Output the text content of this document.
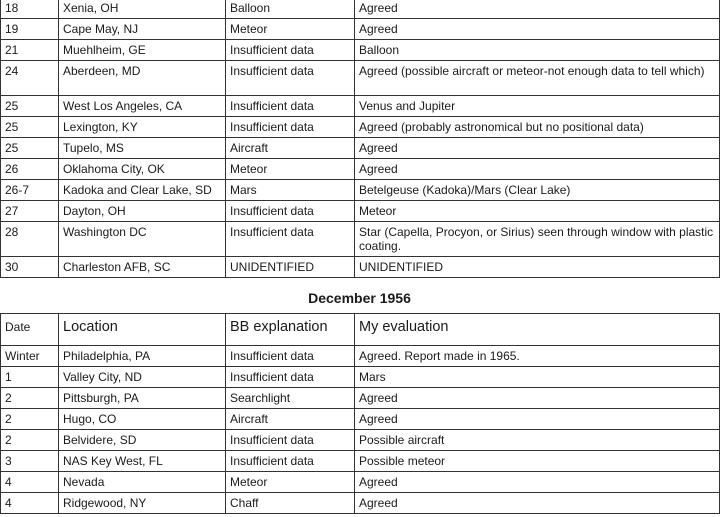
18	Xenia, OH	Balloon	Agreed
19	Cape May, NJ	Meteor	Agreed
21	Muehlheim, GE	Insufficient data	Balloon
24	Aberdeen, MD	Insufficient data	Agreed (possible aircraft or meteor-not enough data to tell which)
25	West Los Angeles, CA	Insufficient data	Venus and Jupiter
25	Lexington, KY	Insufficient data	Agreed (probably astronomical but no positional data)
25	Tupelo, MS	Aircraft	Agreed
26	Oklahoma City, OK	Meteor	Agreed
26-7	Kadoka and Clear Lake, SD	Mars	Betelgeuse (Kadoka)/Mars (Clear Lake)
27	Dayton, OH	Insufficient data	Meteor
28	Washington DC	Insufficient data	Star (Capella, Procyon, or Sirius) seen through window with plastic coating.
30	Charleston AFB, SC	UNIDENTIFIED	UNIDENTIFIED
December 1956
Date	Location	BB explanation	My evaluation
Winter	Philadelphia, PA	Insufficient data	Agreed. Report made in 1965.
1	Valley City, ND	Insufficient data	Mars
2	Pittsburgh, PA	Searchlight	Agreed
2	Hugo, CO	Aircraft	Agreed
2	Belvidere, SD	Insufficient data	Possible aircraft
3	NAS Key West, FL	Insufficient data	Possible meteor
4	Nevada	Meteor	Agreed
4	Ridgewood, NY	Chaff	Agreed
